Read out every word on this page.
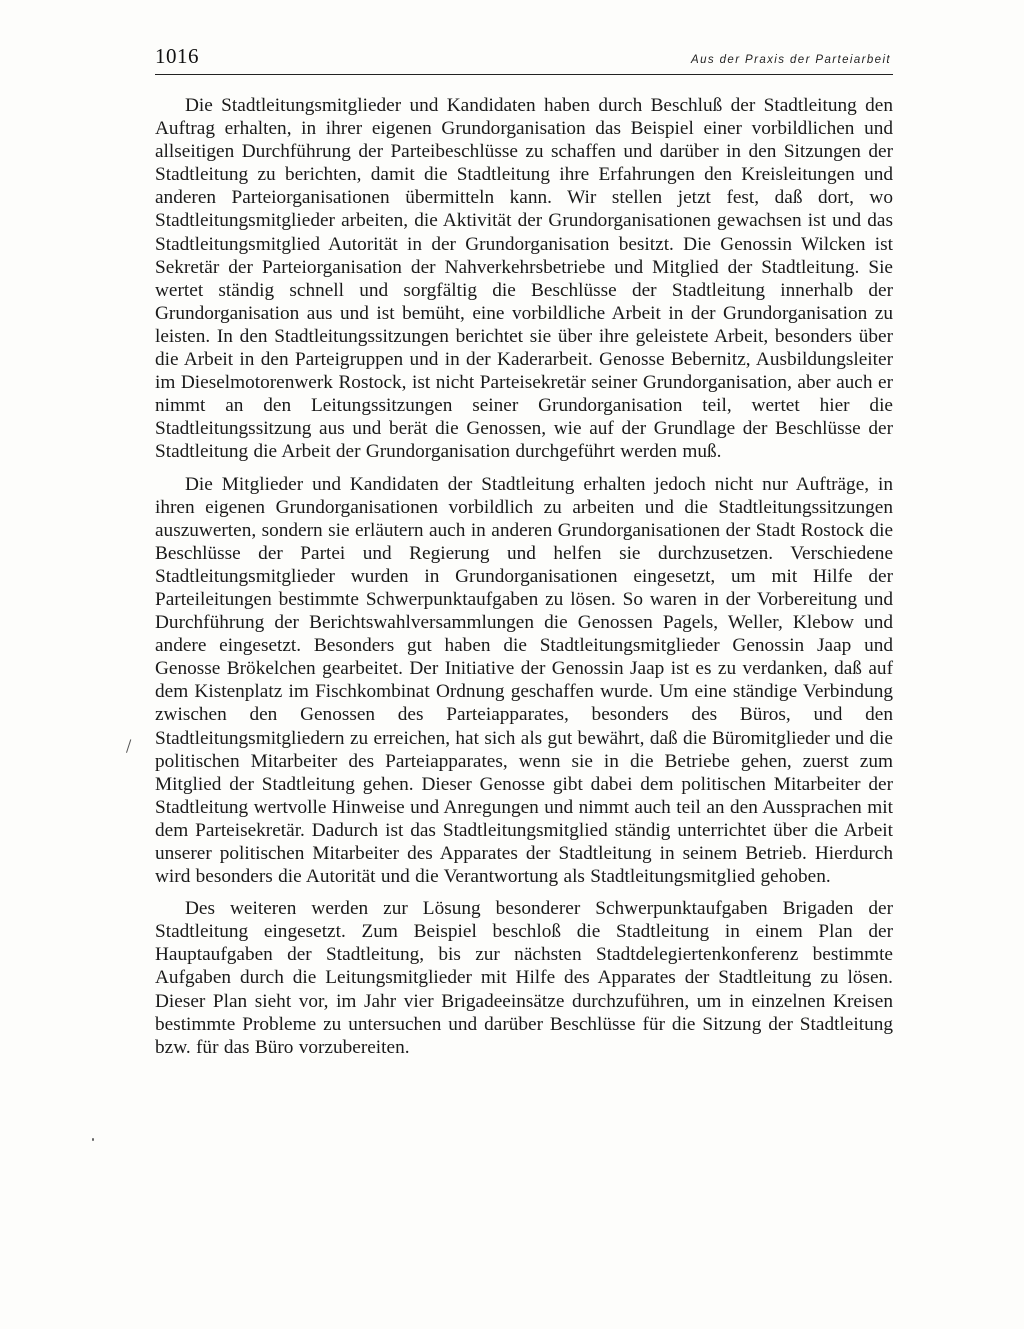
1016	Aus der Praxis der Parteiarbeit

Die Stadtleitungsmitglieder und Kandidaten haben durch Beschluß der Stadtleitung den Auftrag erhalten, in ihrer eigenen Grundorganisation das Beispiel einer vorbildlichen und allseitigen Durchführung der Parteibeschlüsse zu schaffen und darüber in den Sitzungen der Stadtleitung zu berichten, damit die Stadtleitung ihre Erfahrungen den Kreisleitungen und anderen Parteiorganisationen übermitteln kann. Wir stellen jetzt fest, daß dort, wo Stadtleitungsmitglieder arbeiten, die Aktivität der Grundorganisationen gewachsen ist und das Stadtleitungsmitglied Autorität in der Grundorganisation besitzt. Die Genossin Wilcken ist Sekretär der Parteiorganisation der Nahverkehrsbetriebe und Mitglied der Stadtleitung. Sie wertet ständig schnell und sorgfältig die Beschlüsse der Stadtleitung innerhalb der Grundorganisation aus und ist bemüht, eine vorbildliche Arbeit in der Grundorganisation zu leisten. In den Stadtleitungssitzungen berichtet sie über ihre geleistete Arbeit, besonders über die Arbeit in den Parteigruppen und in der Kaderarbeit. Genosse Bebernitz, Ausbildungsleiter im Dieselmotorenwerk Rostock, ist nicht Parteisekretär seiner Grundorganisation, aber auch er nimmt an den Leitungssitzungen seiner Grundorganisation teil, wertet hier die Stadtleitungssitzung aus und berät die Genossen, wie auf der Grundlage der Beschlüsse der Stadtleitung die Arbeit der Grundorganisation durchgeführt werden muß.

Die Mitglieder und Kandidaten der Stadtleitung erhalten jedoch nicht nur Aufträge, in ihren eigenen Grundorganisationen vorbildlich zu arbeiten und die Stadtleitungssitzungen auszuwerten, sondern sie erläutern auch in anderen Grundorganisationen der Stadt Rostock die Beschlüsse der Partei und Regierung und helfen sie durchzusetzen. Verschiedene Stadtleitungsmitglieder wurden in Grundorganisationen eingesetzt, um mit Hilfe der Parteileitungen bestimmte Schwerpunktaufgaben zu lösen. So waren in der Vorbereitung und Durchführung der Berichtswahlversammlungen die Genossen Pagels, Weller, Klebow und andere eingesetzt. Besonders gut haben die Stadtleitungsmitglieder Genossin Jaap und Genosse Brökelchen gearbeitet. Der Initiative der Genossin Jaap ist es zu verdanken, daß auf dem Kistenplatz im Fischkombinat Ordnung geschaffen wurde. Um eine ständige Verbindung zwischen den Genossen des Parteiapparates, besonders des Büros, und den Stadtleitungsmitgliedern zu erreichen, hat sich als gut bewährt, daß die Büromitglieder und die politischen Mitarbeiter des Parteiapparates, wenn sie in die Betriebe gehen, zuerst zum Mitglied der Stadtleitung gehen. Dieser Genosse gibt dabei dem politischen Mitarbeiter der Stadtleitung wertvolle Hinweise und Anregungen und nimmt auch teil an den Aussprachen mit dem Parteisekretär. Dadurch ist das Stadtleitungsmitglied ständig unterrichtet über die Arbeit unserer politischen Mitarbeiter des Apparates der Stadtleitung in seinem Betrieb. Hierdurch wird besonders die Autorität und die Verantwortung als Stadtleitungsmitglied gehoben.

Des weiteren werden zur Lösung besonderer Schwerpunktaufgaben Brigaden der Stadtleitung eingesetzt. Zum Beispiel beschloß die Stadtleitung in einem Plan der Hauptaufgaben der Stadtleitung, bis zur nächsten Stadtdelegiertenkonferenz bestimmte Aufgaben durch die Leitungsmitglieder mit Hilfe des Apparates der Stadtleitung zu lösen. Dieser Plan sieht vor, im Jahr vier Brigadeeinsätze durchzuführen, um in einzelnen Kreisen bestimmte Probleme zu untersuchen und darüber Beschlüsse für die Sitzung der Stadtleitung bzw. für das Büro vorzubereiten.
